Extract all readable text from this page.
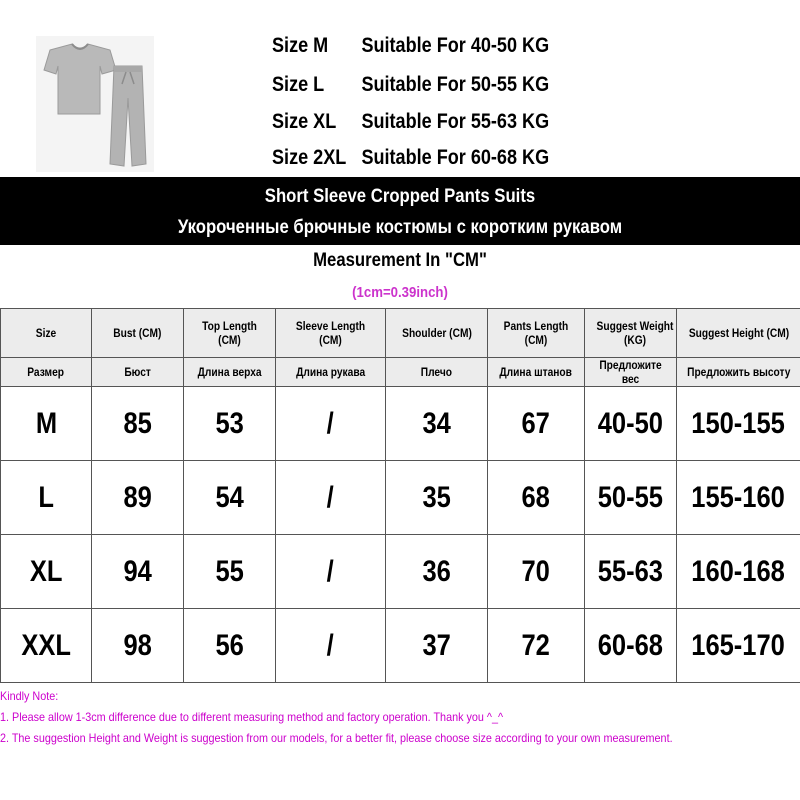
Size M Suitable For 40-50 KG
Size L Suitable For 50-55 KG
Size XL Suitable For 55-63 KG
Size 2XL Suitable For 60-68 KG
Short Sleeve Cropped Pants Suits
Укороченные брючные костюмы с коротким рукавом
Measurement In "CM"
(1cm=0.39inch)
Size	Bust (CM)	Top Length (CM)	Sleeve Length (CM)	Shoulder (CM)	Pants Length (CM)	Suggest Weight (KG)	Suggest Height (CM)
Размер	Бюст	Длина верха	Длина рукава	Плечо	Длина штанов	Предложите вес	Предложить высоту
M	85	53	/	34	67	40-50	150-155
L	89	54	/	35	68	50-55	155-160
XL	94	55	/	36	70	55-63	160-168
XXL	98	56	/	37	72	60-68	165-170
Kindly Note:
1. Please allow 1-3cm difference due to different measuring method and factory operation. Thank you ^_^
2. The suggestion Height and Weight is suggestion from our models, for a better fit, please choose size according to your own measurement.
